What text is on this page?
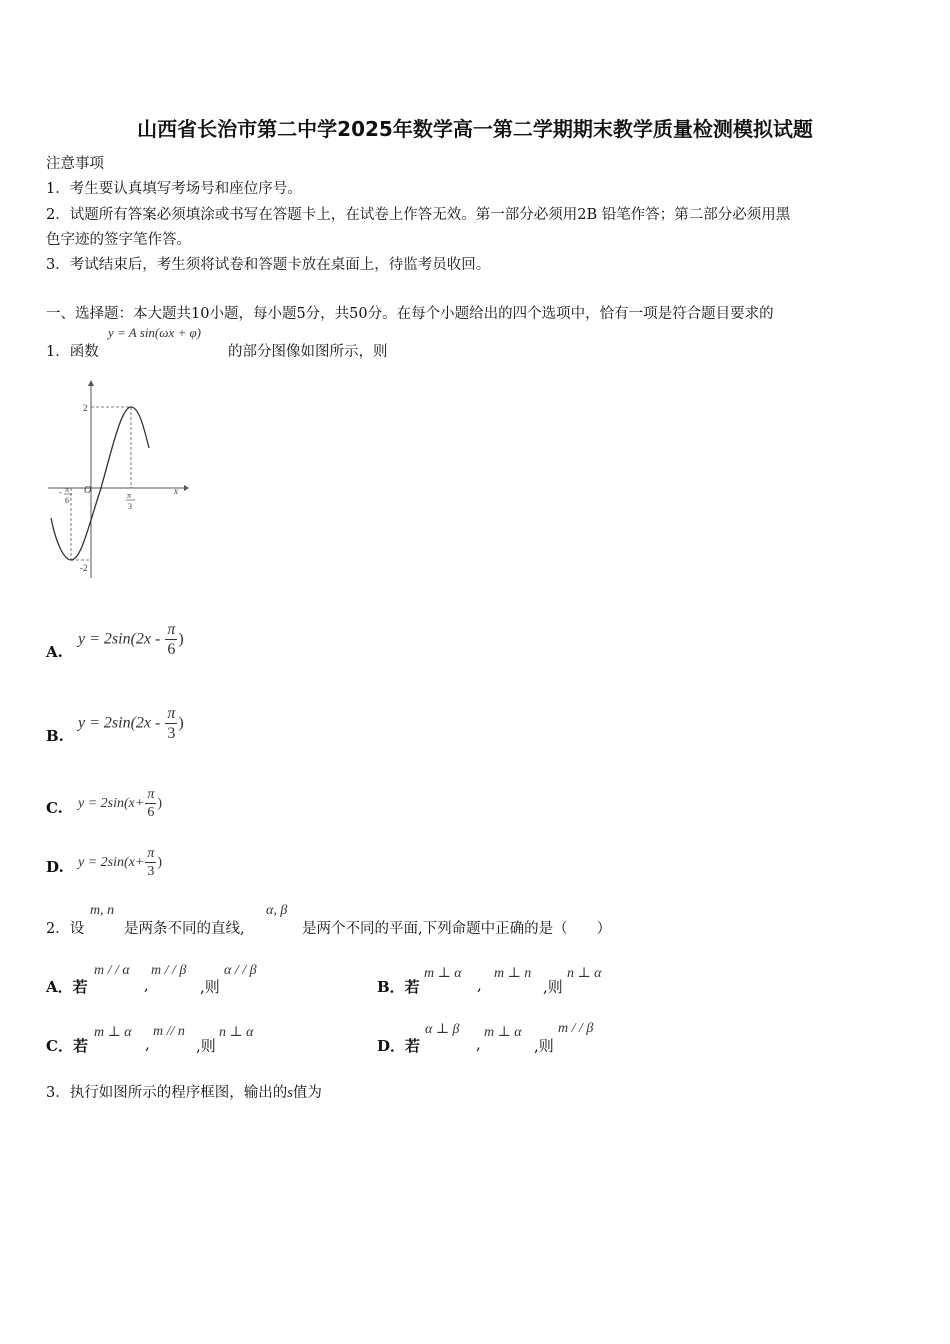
山西省长治市第二中学2025年数学高一第二学期期末教学质量检测模拟试题
注意事项
1．考生要认真填写考场号和座位序号。
2．试题所有答案必须填涂或书写在答题卡上，在试卷上作答无效。第一部分必须用2B 铅笔作答；第二部分必须用黑
色字迹的签字笔作答。
3．考试结束后，考生须将试卷和答题卡放在桌面上，待监考员收回。
一、选择题：本大题共10小题，每小题5分，共50分。在每个小题给出的四个选项中，恰有一项是符合题目要求的
1．函数
y = A sin(ωx + φ)
的部分图像如图所示，则
2
-2
O	x
- π
6
π
3
A.
$y = 2\sin(2x - \frac{\pi}{6}$ )
B.
$y = 2\sin(2x - \frac{\pi}{3}$ )
C. $y = 2\sin(x+ \frac{\pi}{6}$ )
D. $y = 2\sin(x+ \frac{\pi}{3}$ )
2．设
m, n
是两条不同的直线,
α, β
是两个不同的平面,下列命题中正确的是（　　）
A．若
m / / α
,
m / / β
,则
α / / β
B．若
m ⊥ α
,
m ⊥ n
,则
n ⊥ α
C．若
m ⊥ α
,
m // n
,则
n ⊥ α
D．若
α ⊥ β
,
m ⊥ α
,则
m / / β
3．执行如图所示的程序框图，输出的s值为
